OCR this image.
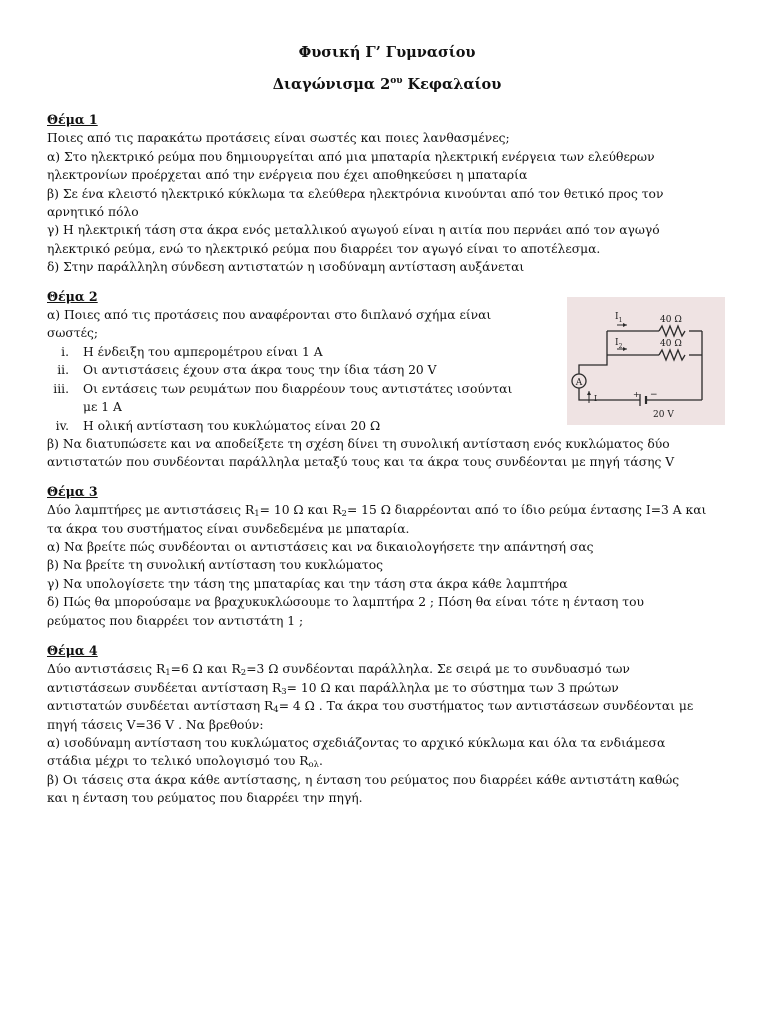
Φυσική Γ’ Γυμνασίου

Διαγώνισμα $2^{o\upsilon}$ Κεφαλαίου

Θέμα 1

Ποιες από τις παρακάτω προτάσεις είναι σωστές και ποιες λανθασμένες;

α) Στο ηλεκτρικό ρεύμα που δημιουργείται από μια μπαταρία ηλεκτρική ενέργεια των ελεύθερων

ηλεκτρονίων προέρχεται από την ενέργεια που έχει αποθηκεύσει η μπαταρία

β) Σε ένα κλειστό ηλεκτρικό κύκλωμα τα ελεύθερα ηλεκτρόνια κινούνται από τον θετικό προς τον

αρνητικό πόλο

γ) Η ηλεκτρική τάση στα άκρα ενός μεταλλικού αγωγού είναι η αιτία που περνάει από τον αγωγό

ηλεκτρικό ρεύμα, ενώ το ηλεκτρικό ρεύμα που διαρρέει τον αγωγό είναι το αποτέλεσμα.

δ) Στην παράλληλη σύνδεση αντιστατών η ισοδύναμη αντίσταση αυξάνεται

Θέμα 2

α) Ποιες από τις προτάσεις που αναφέρονται στο διπλανό σχήμα είναι

σωστές;

i. Η ένδειξη του αμπερομέτρου είναι 1 A
ii. Οι αντιστάσεις έχουν στα άκρα τους την ίδια τάση 20 V
iii. Οι εντάσεις των ρευμάτων που διαρρέουν τους αντιστάτες ισούνται
με 1 Α
iv. Η ολική αντίσταση του κυκλώματος είναι 20 Ω
A
$I_1$
$I_2$
40 Ω
40 Ω
I
20 V
+ −

β) Να διατυπώσετε και να αποδείξετε τη σχέση δίνει τη συνολική αντίσταση ενός κυκλώματος δύο

αντιστατών που συνδέονται παράλληλα μεταξύ τους και τα άκρα τους συνδέονται με πηγή τάσης V

Θέμα 3

Δύο λαμπτήρες με αντιστάσεις $R_1= 10$ Ω και $R_2= 15$ Ω διαρρέονται από το ίδιο ρεύμα έντασης Ι=3 Α και

τα άκρα του συστήματος είναι συνδεδεμένα με μπαταρία.

α) Να βρείτε πώς συνδέονται οι αντιστάσεις και να δικαιολογήσετε την απάντησή σας

β) Να βρείτε τη συνολική αντίσταση του κυκλώματος

γ) Να υπολογίσετε την τάση της μπαταρίας και την τάση στα άκρα κάθε λαμπτήρα

δ) Πώς θα μπορούσαμε να βραχυκυκλώσουμε το λαμπτήρα 2 ; Πόση θα είναι τότε η ένταση του

ρεύματος που διαρρέει τον αντιστάτη 1 ;

Θέμα 4

Δύο αντιστάσεις $R_1=6$ Ω και $R_2=3$ Ω συνδέονται παράλληλα. Σε σειρά με το συνδυασμό των

αντιστάσεων συνδέεται αντίσταση $R_3= 10$ Ω και παράλληλα με το σύστημα των 3 πρώτων

αντιστατών συνδέεται αντίσταση $R_4= 4$ Ω . Τα άκρα του συστήματος των αντιστάσεων συνδέονται με

πηγή τάσεις V=36 V . Να βρεθούν:

α) ισοδύναμη αντίσταση του κυκλώματος σχεδιάζοντας το αρχικό κύκλωμα και όλα τα ενδιάμεσα

στάδια μέχρι το τελικό υπολογισμό του $R_{o\lambda}$.

β) Οι τάσεις στα άκρα κάθε αντίστασης, η ένταση του ρεύματος που διαρρέει κάθε αντιστάτη καθώς

και η ένταση του ρεύματος που διαρρέει την πηγή.
